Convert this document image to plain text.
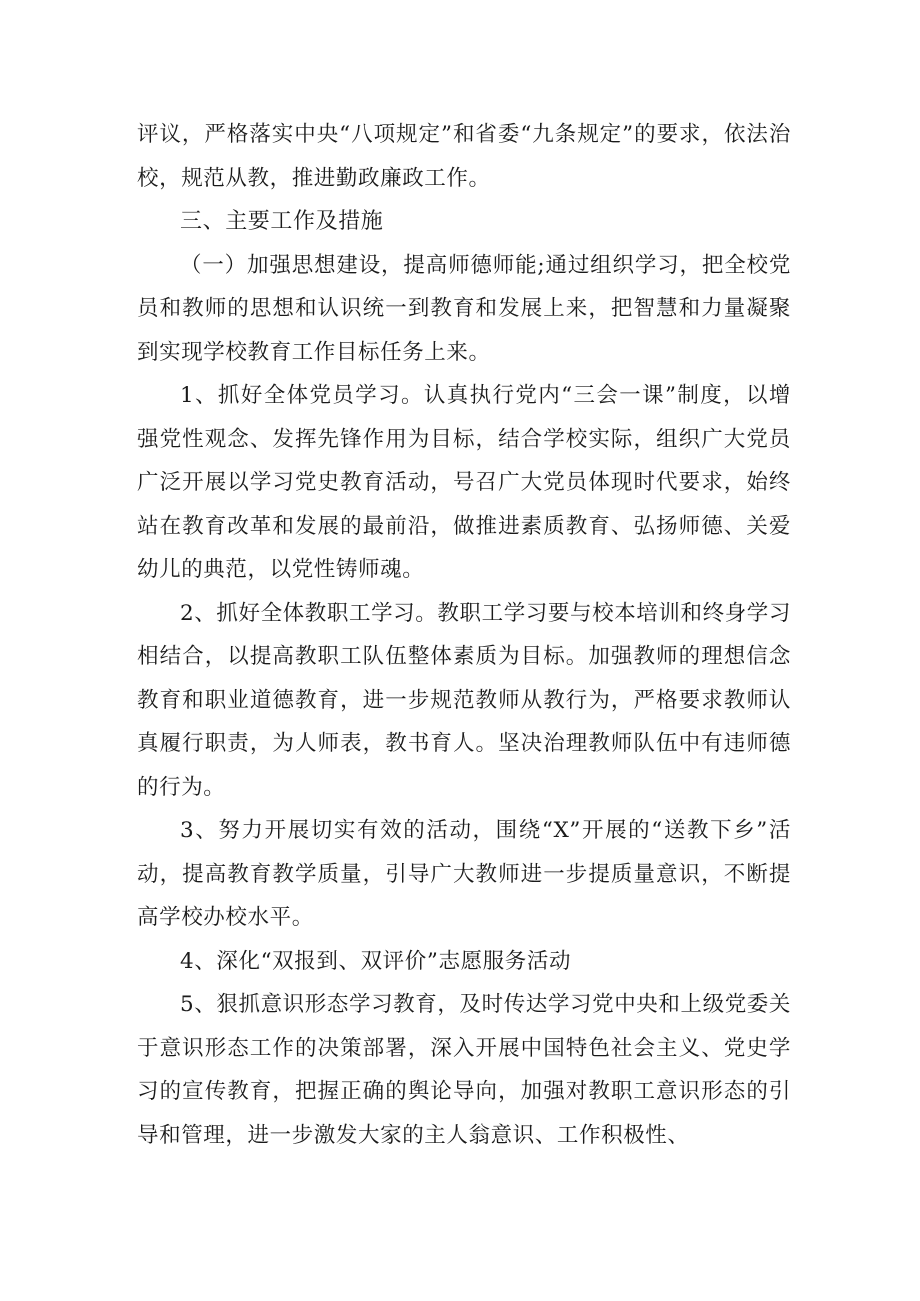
评议，严格落实中央“八项规定”和省委“九条规定”的要求，依法治校，规范从教，推进勤政廉政工作。

三、主要工作及措施

（一）加强思想建设，提高师德师能;通过组织学习，把全校党员和教师的思想和认识统一到教育和发展上来，把智慧和力量凝聚到实现学校教育工作目标任务上来。

1、抓好全体党员学习。认真执行党内“三会一课”制度，以增强党性观念、发挥先锋作用为目标，结合学校实际，组织广大党员广泛开展以学习党史教育活动，号召广大党员体现时代要求，始终站在教育改革和发展的最前沿，做推进素质教育、弘扬师德、关爱幼儿的典范，以党性铸师魂。

2、抓好全体教职工学习。教职工学习要与校本培训和终身学习相结合，以提高教职工队伍整体素质为目标。加强教师的理想信念教育和职业道德教育，进一步规范教师从教行为，严格要求教师认真履行职责，为人师表，教书育人。坚决治理教师队伍中有违师德的行为。

3、努力开展切实有效的活动，围绕“X”开展的“送教下乡”活动，提高教育教学质量，引导广大教师进一步提质量意识，不断提高学校办校水平。

4、深化“双报到、双评价”志愿服务活动

5、狠抓意识形态学习教育，及时传达学习党中央和上级党委关于意识形态工作的决策部署，深入开展中国特色社会主义、党史学习的宣传教育，把握正确的舆论导向，加强对教职工意识形态的引导和管理，进一步激发大家的主人翁意识、工作积极性、
